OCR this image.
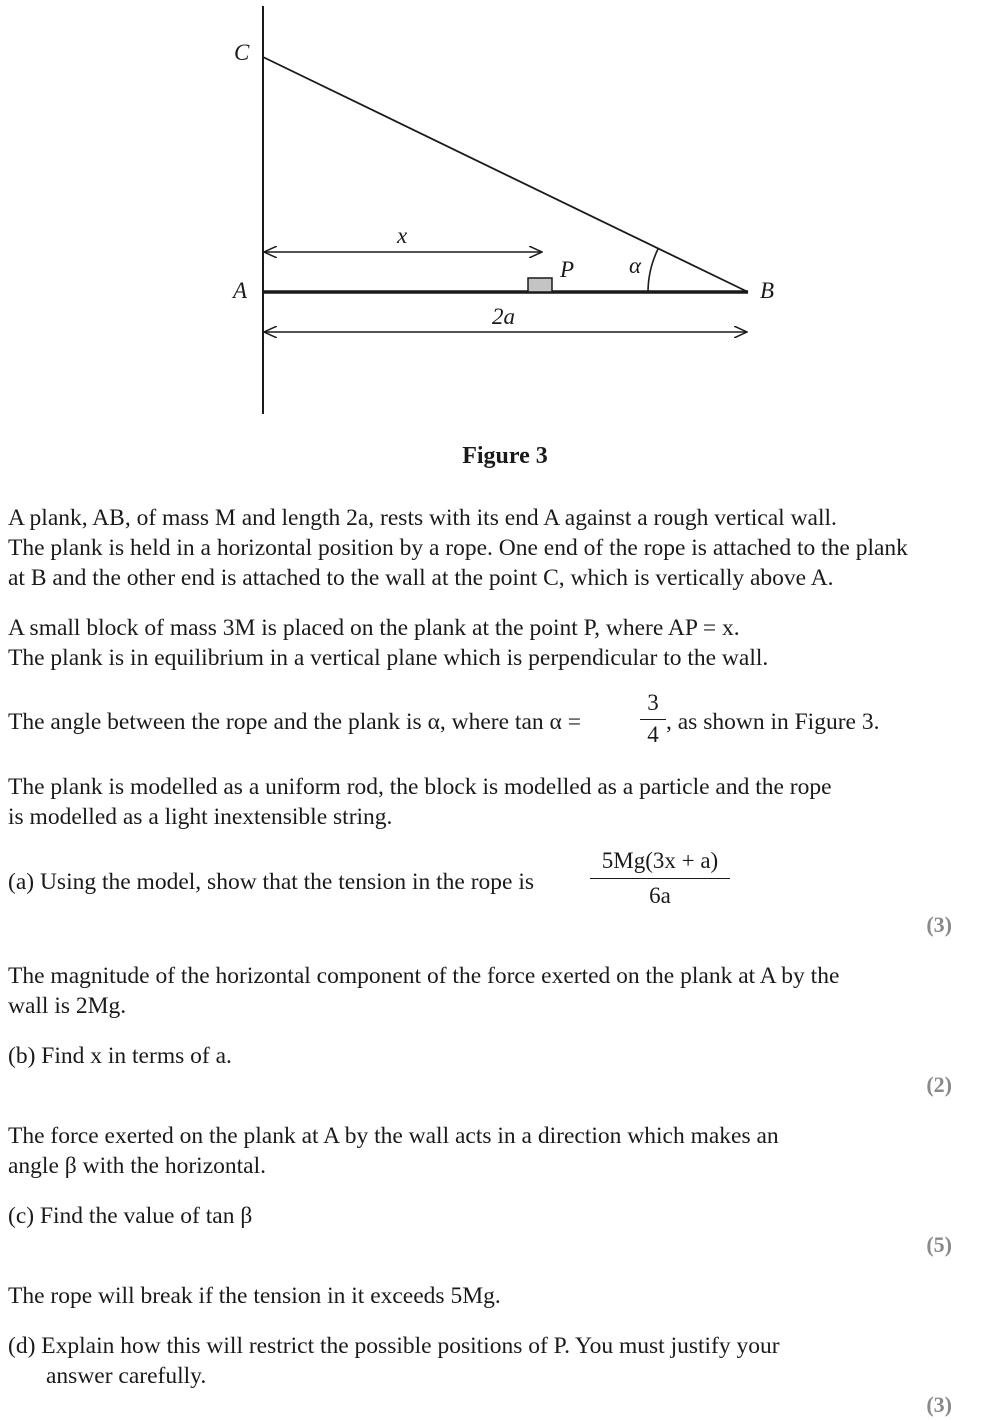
C
A	B
P
x
α
2a
Figure 3
A plank, AB, of mass M and length 2a, rests with its end A against a rough vertical wall.
The plank is held in a horizontal position by a rope. One end of the rope is attached to the plank
at B and the other end is attached to the wall at the point C, which is vertically above A.
A small block of mass 3M is placed on the plank at the point P, where AP = x.
The plank is in equilibrium in a vertical plane which is perpendicular to the wall.
The angle between the rope and the plank is α, where tan α =	$\frac{3}{4}$ , as shown in Figure 3.
The plank is modelled as a uniform rod, the block is modelled as a particle and the rope
is modelled as a light inextensible string.
(a) Using the model, show that the tension in the rope is $\frac{5Mg(3x + a)}{6a}$
(3)
The magnitude of the horizontal component of the force exerted on the plank at A by the
wall is 2Mg.
(b) Find x in terms of a.
(2)
The force exerted on the plank at A by the wall acts in a direction which makes an
angle β with the horizontal.
(c) Find the value of tan β
(5)
The rope will break if the tension in it exceeds 5Mg.
(d) Explain how this will restrict the possible positions of P. You must justify your
answer carefully.
(3)
